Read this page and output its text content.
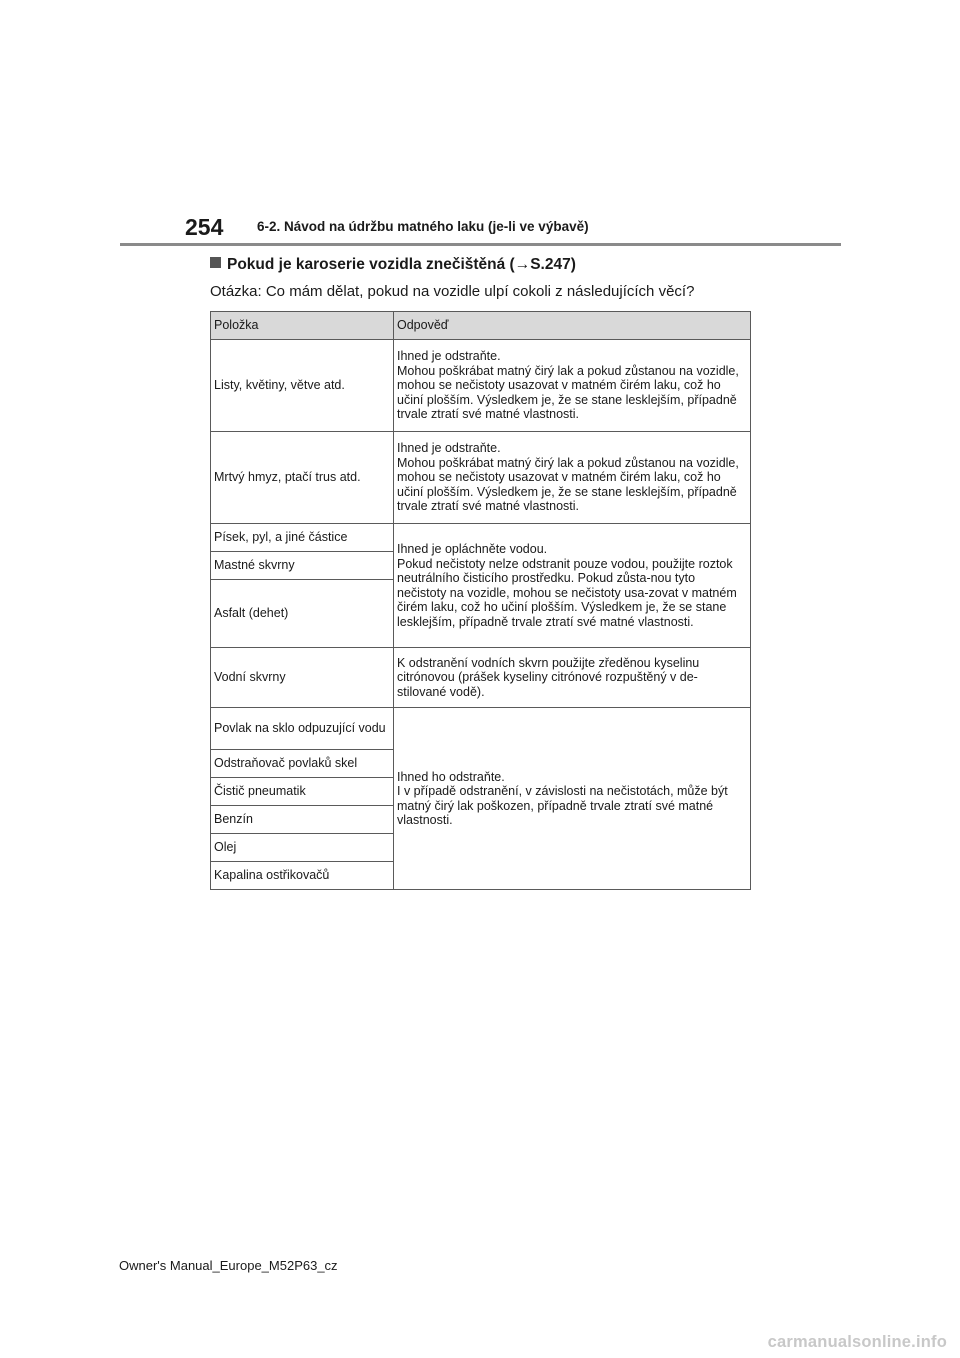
254 6-2. Návod na údržbu matného laku (je-li ve výbavě)
Pokud je karoserie vozidla znečištěná (→S.247)
Otázka: Co mám dělat, pokud na vozidle ulpí cokoli z následujících věcí?
Položka	Odpověď
Listy, květiny, větve atd.	Ihned je odstraňte.
Mohou poškrábat matný čirý lak a pokud zůstanou na vozidle, mohou se nečistoty usazovat v matném čirém laku, což ho učiní plošším. Výsledkem je, že se stane lesklejším, případně trvale ztratí své matné vlastnosti.
Mrtvý hmyz, ptačí trus atd.	Ihned je odstraňte.
Mohou poškrábat matný čirý lak a pokud zůstanou na vozidle, mohou se nečistoty usazovat v matném čirém laku, což ho učiní plošším. Výsledkem je, že se stane lesklejším, případně trvale ztratí své matné vlastnosti.
Písek, pyl, a jiné částice	Ihned je opláchněte vodou.
Pokud nečistoty nelze odstranit pouze vodou, použijte roztok neutrálního čisticího prostředku. Pokud zůsta-nou tyto nečistoty na vozidle, mohou se nečistoty usa-zovat v matném čirém laku, což ho učiní plošším. Výsledkem je, že se stane lesklejším, případně trvale ztratí své matné vlastnosti.
Mastné skvrny	
Asfalt (dehet)	
Vodní skvrny	K odstranění vodních skvrn použijte zředěnou kyselinu citrónovou (prášek kyseliny citrónové rozpuštěný v de-stilované vodě).
Povlak na sklo odpuzující vodu	Ihned ho odstraňte.
I v případě odstranění, v závislosti na nečistotách, může být matný čirý lak poškozen, případně trvale ztratí své matné vlastnosti.
Odstraňovač povlaků skel	
Čistič pneumatik	
Benzín	
Olej	
Kapalina ostřikovačů	
Owner's Manual_Europe_M52P63_cz
carmanualsonline.info
